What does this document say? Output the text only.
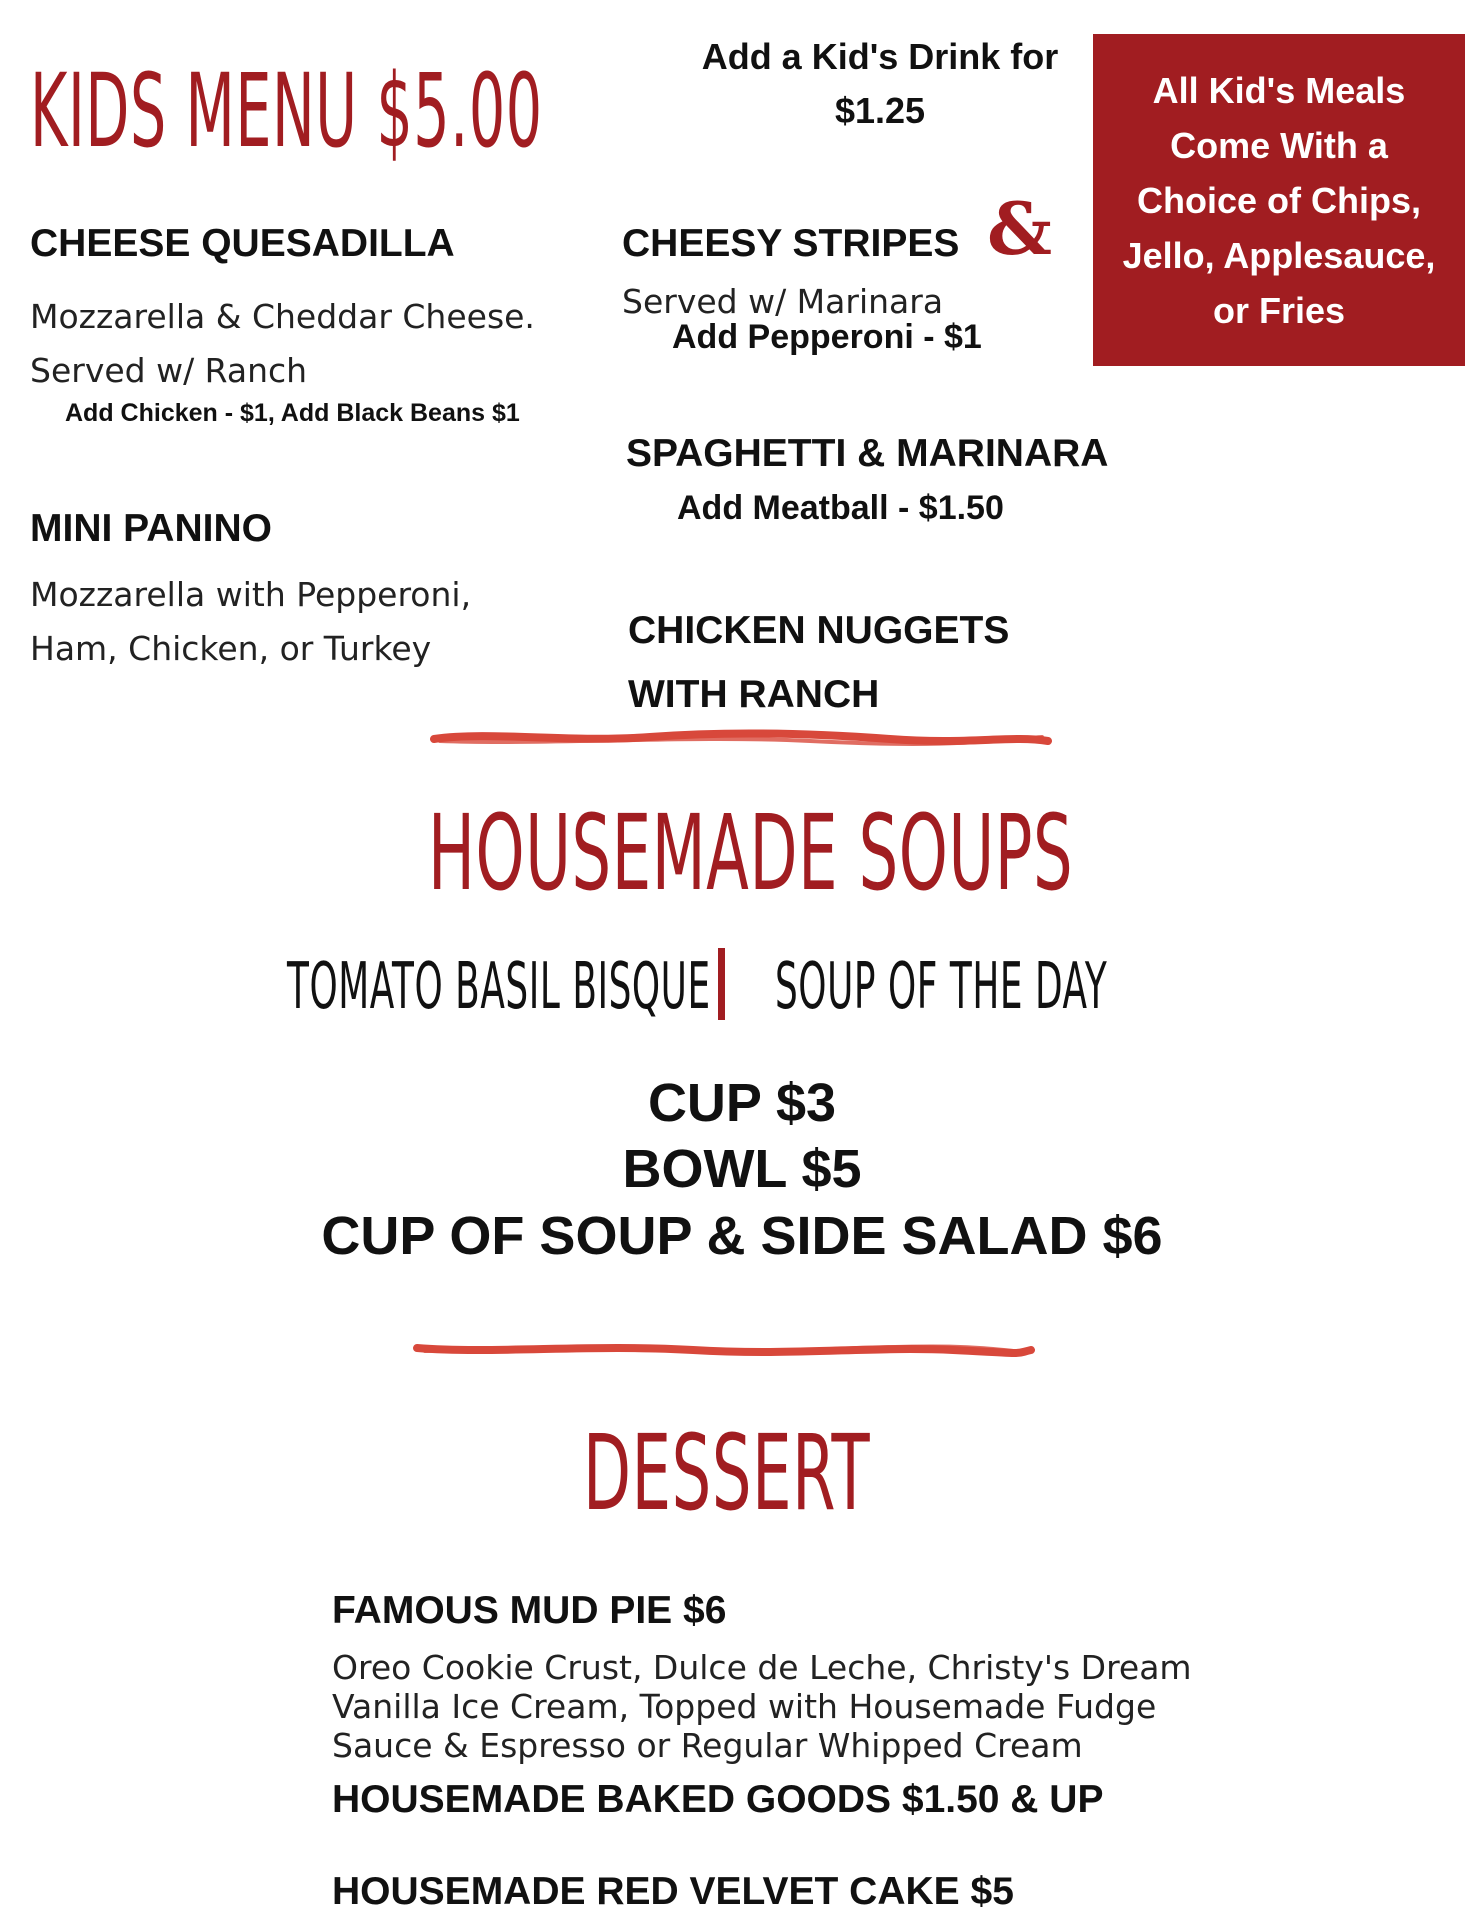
KIDS MENU $5.00	Add a Kid's Drink for $1.25	All Kid's Meals Come With a Choice of Chips, Jello, Applesauce, or Fries
CHEESE QUESADILLA
Mozzarella & Cheddar Cheese.
Served w/ Ranch
Add Chicken - $1, Add Black Beans $1
MINI PANINO
Mozzarella with Pepperoni,
Ham, Chicken, or Turkey
CHEESY STRIPES &
Served w/ Marinara
Add Pepperoni - $1
SPAGHETTI & MARINARA
Add Meatball - $1.50
CHICKEN NUGGETS
WITH RANCH
HOUSEMADE SOUPS
TOMATO BASIL BISQUE SOUP OF THE DAY
CUP $3
BOWL $5
CUP OF SOUP & SIDE SALAD $6
DESSERT
FAMOUS MUD PIE $6
Oreo Cookie Crust, Dulce de Leche, Christy's Dream
Vanilla Ice Cream, Topped with Housemade Fudge
Sauce & Espresso or Regular Whipped Cream
HOUSEMADE BAKED GOODS $1.50 & UP
HOUSEMADE RED VELVET CAKE $5
